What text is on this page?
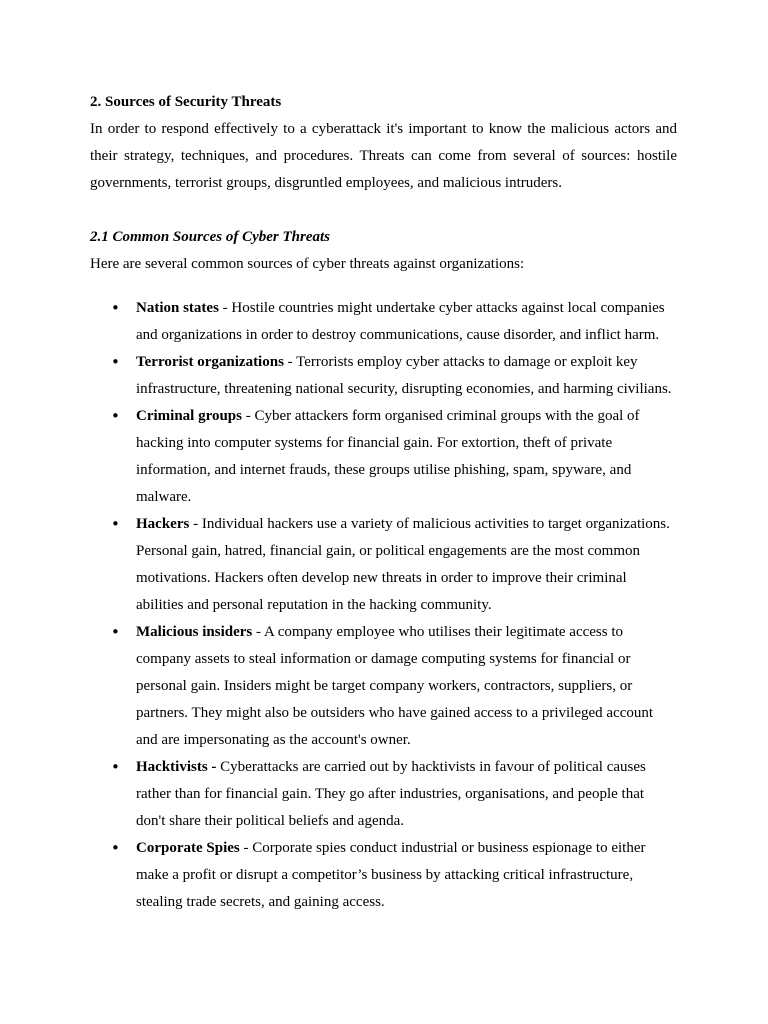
2. Sources of Security Threats

In order to respond effectively to a cyberattack it's important to know the malicious actors and their strategy, techniques, and procedures. Threats can come from several of sources: hostile governments, terrorist groups, disgruntled employees, and malicious intruders.

2.1 Common Sources of Cyber Threats

Here are several common sources of cyber threats against organizations:

• Nation states - Hostile countries might undertake cyber attacks against local companies and organizations in order to destroy communications, cause disorder, and inflict harm.
• Terrorist organizations - Terrorists employ cyber attacks to damage or exploit key infrastructure, threatening national security, disrupting economies, and harming civilians.
• Criminal groups - Cyber attackers form organised criminal groups with the goal of hacking into computer systems for financial gain. For extortion, theft of private information, and internet frauds, these groups utilise phishing, spam, spyware, and malware.
• Hackers - Individual hackers use a variety of malicious activities to target organizations. Personal gain, hatred, financial gain, or political engagements are the most common motivations. Hackers often develop new threats in order to improve their criminal abilities and personal reputation in the hacking community.
• Malicious insiders - A company employee who utilises their legitimate access to company assets to steal information or damage computing systems for financial or personal gain. Insiders might be target company workers, contractors, suppliers, or partners. They might also be outsiders who have gained access to a privileged account and are impersonating as the account's owner.
• Hacktivists - Cyberattacks are carried out by hacktivists in favour of political causes rather than for financial gain. They go after industries, organisations, and people that don't share their political beliefs and agenda.
• Corporate Spies - Corporate spies conduct industrial or business espionage to either make a profit or disrupt a competitor’s business by attacking critical infrastructure, stealing trade secrets, and gaining access.
